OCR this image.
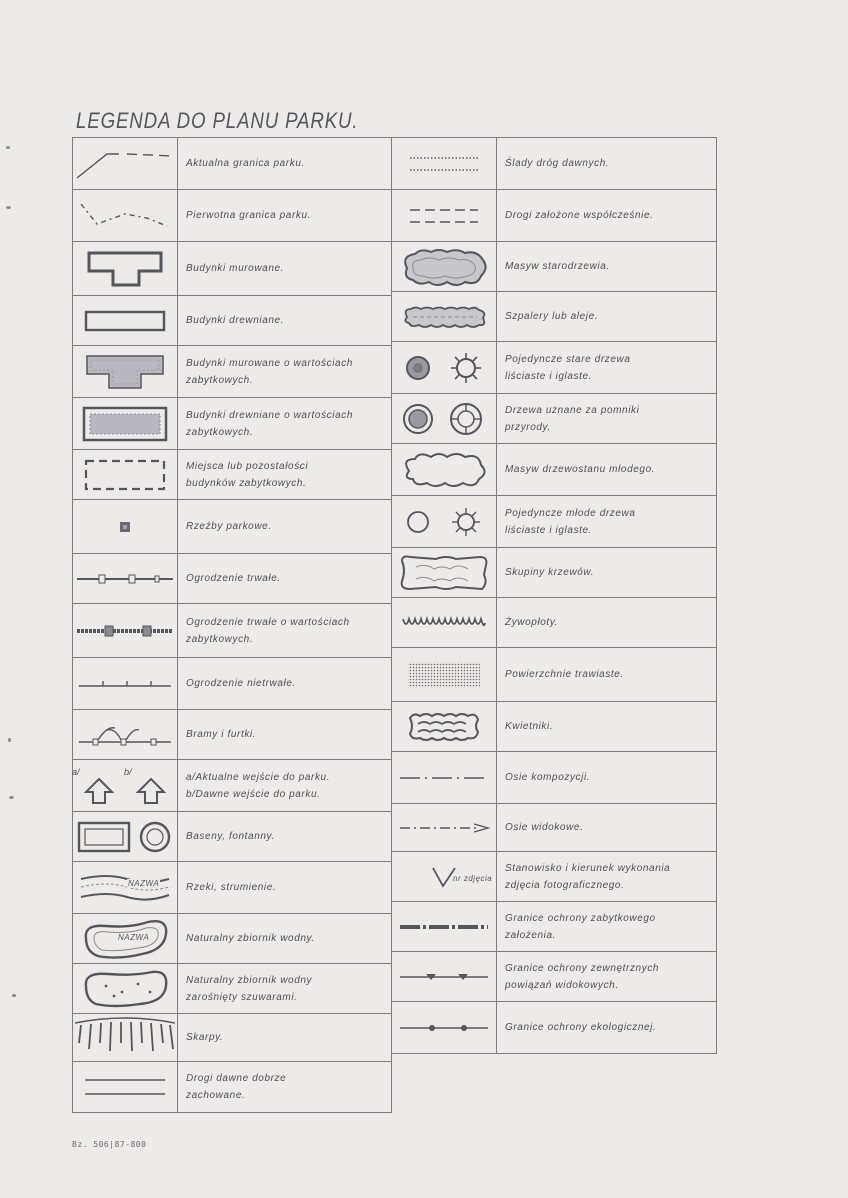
LEGENDA DO PLANU PARKU.
Aktualna granica parku.
Pierwotna granica parku.
Budynki murowane.
Budynki drewniane.
Budynki murowane o wartościach
zabytkowych.
Budynki drewniane o wartościach
zabytkowych.
Miejsca lub pozostałości
budynków zabytkowych.
Rzeźby parkowe.
Ogrodzenie trwałe.
Ogrodzenie trwałe o wartościach
zabytkowych.
Ogrodzenie nietrwałe.
Bramy i furtki.
a/	b/	a/Aktualne wejście do parku.
b/Dawne wejście do parku.
Baseny, fontanny.
NAZWA	Rzeki, strumienie.
NAZWA	Naturalny zbiornik wodny.
Naturalny zbiornik wodny
zarośnięty szuwarami.
Skarpy.
Drogi dawne dobrze
zachowane.
Ślady dróg dawnych.
Drogi założone współcześnie.
Masyw starodrzewia.
Szpalery lub aleje.
Pojedyncze stare drzewa
liściaste i iglaste.
Drzewa uznane za pomniki
przyrody.
Masyw drzewostanu młodego.
Pojedyncze młode drzewa
liściaste i iglaste.
Skupiny krzewów.
Żywopłoty.
Powierzchnie trawiaste.
Kwietniki.
Osie kompozycji.
Osie widokowe.
nr zdjęcia
Stanowisko i kierunek wykonania
zdjęcia fotograficznego.
Granice ochrony zabytkowego
założenia.
Granice ochrony zewnętrznych
powiązań widokowych.
Granice ochrony ekologicznej.
Bz. 506|87-800
